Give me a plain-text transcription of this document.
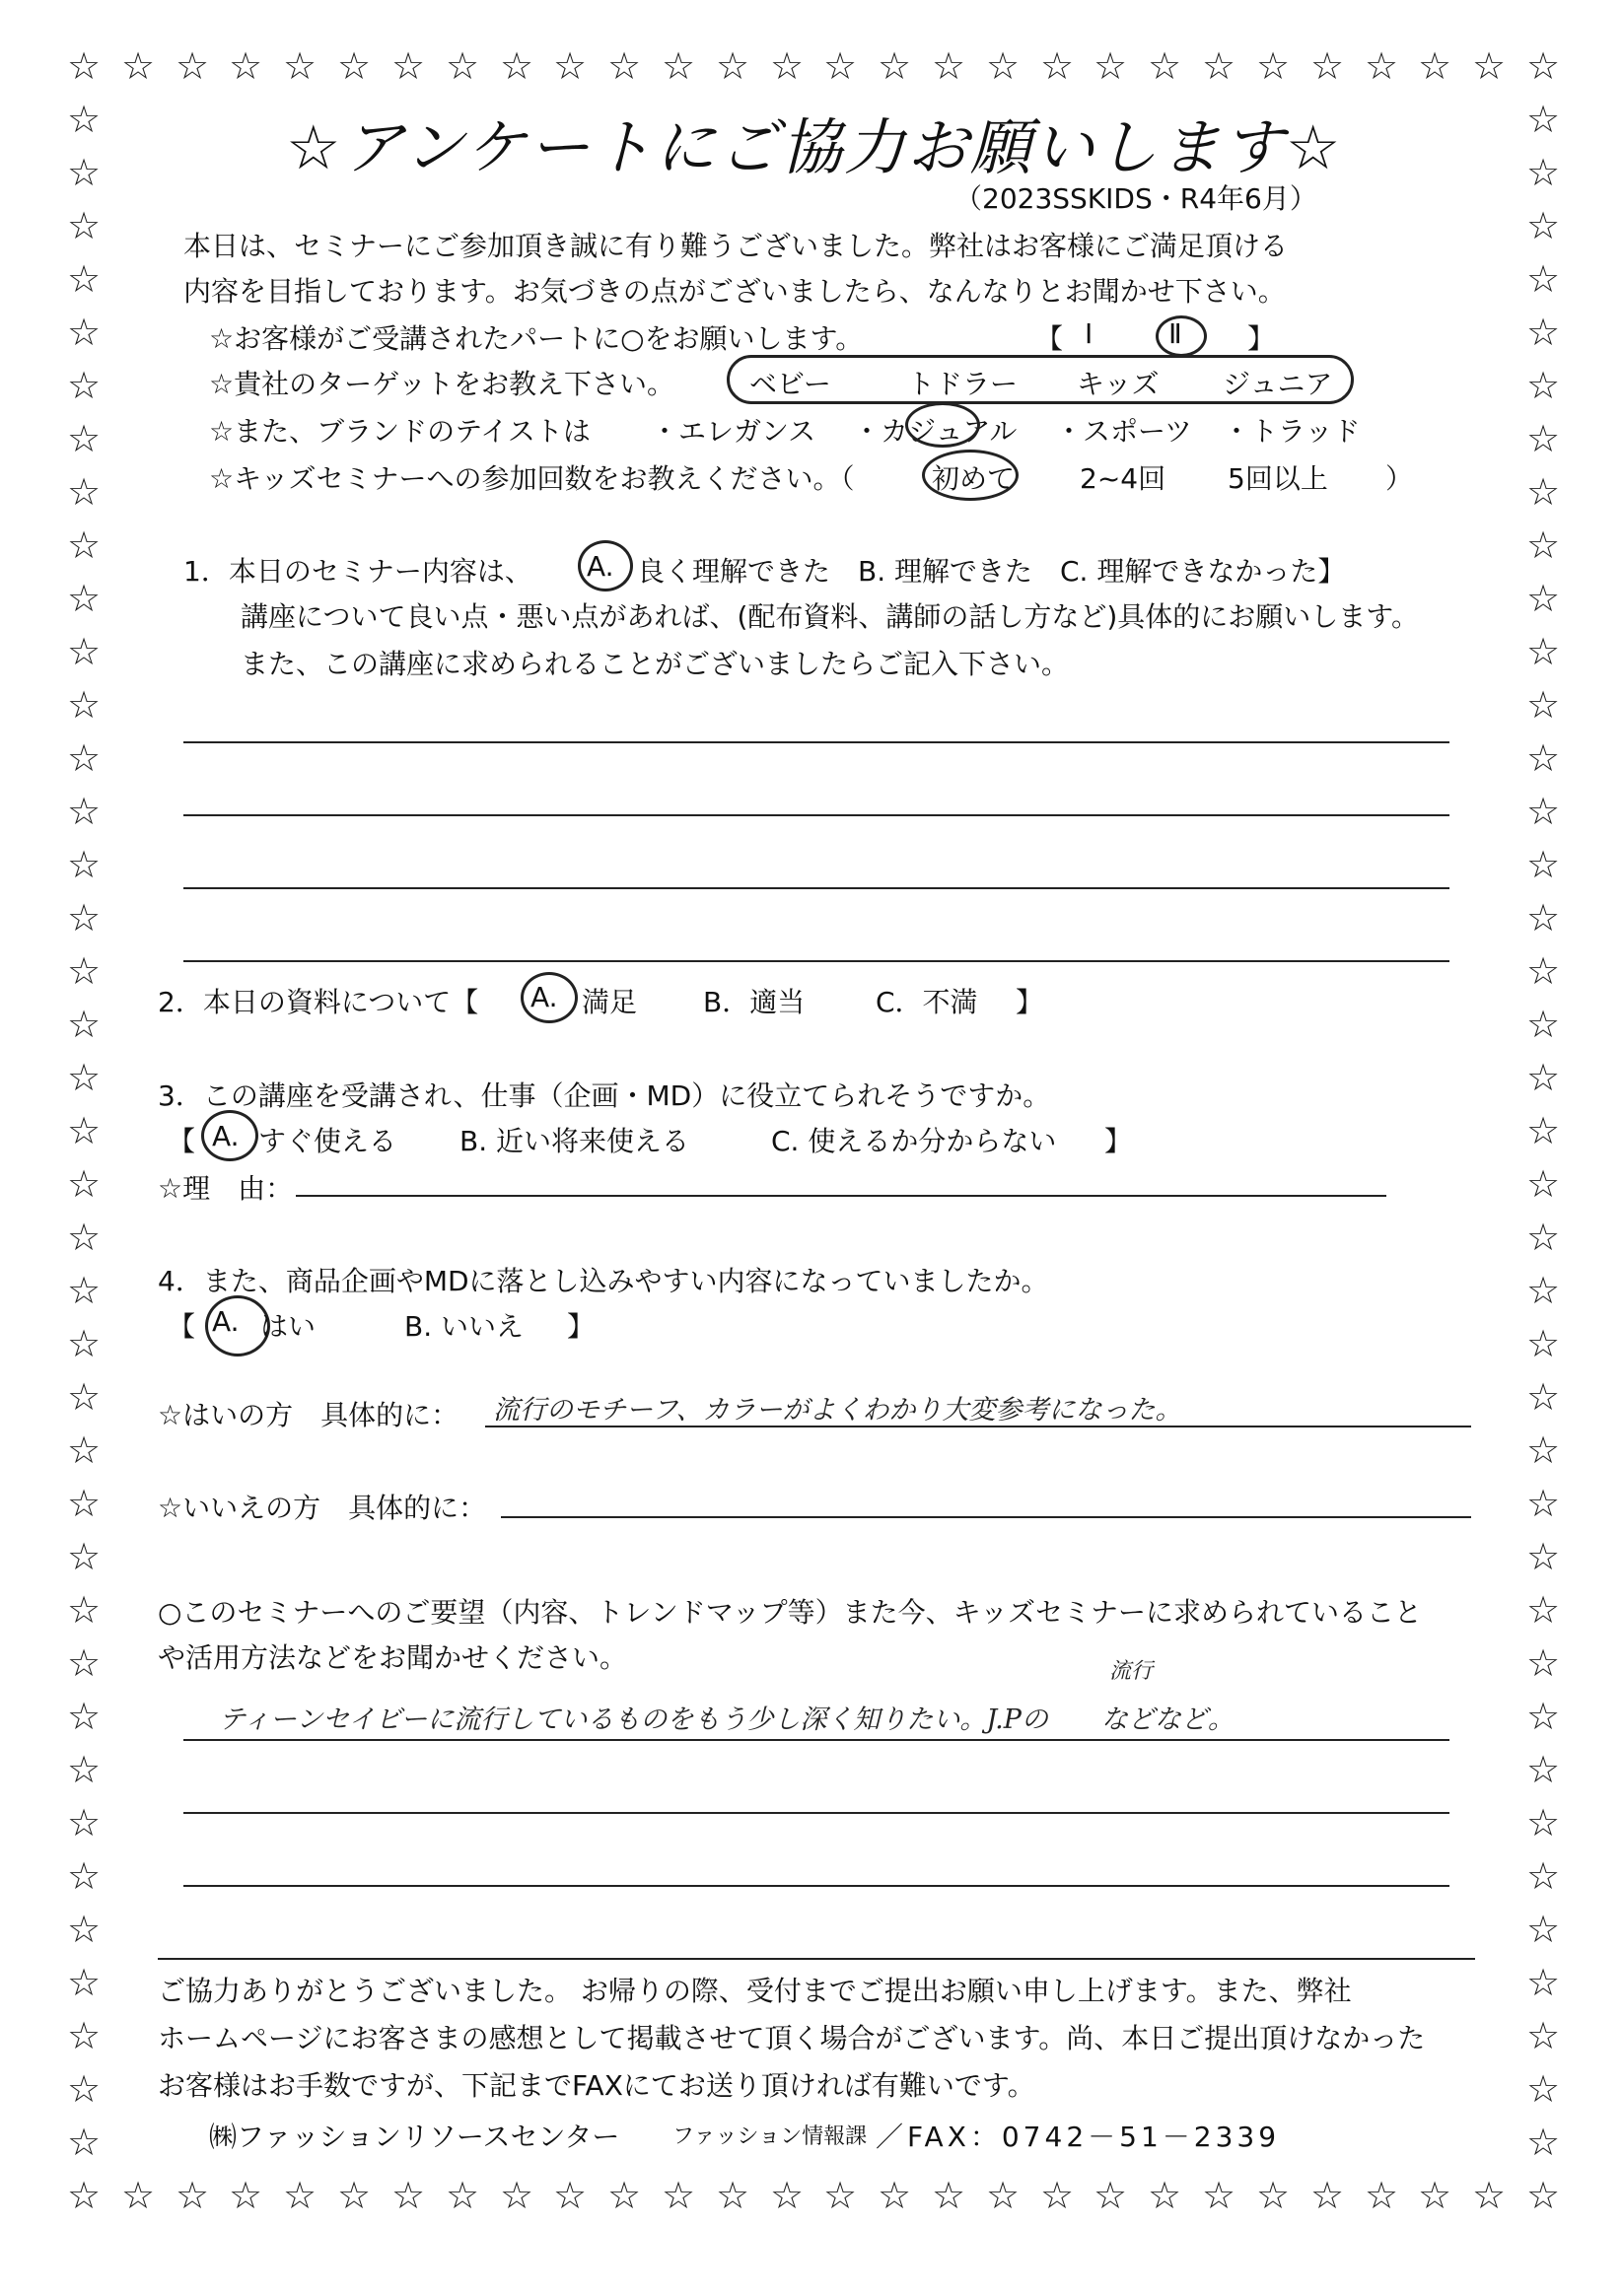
☆
☆
☆
☆
☆
☆
☆
☆
☆
☆
☆
☆
☆
☆
☆
☆
☆
☆
☆
☆
☆
☆
☆
☆
☆
☆
☆
☆
☆
☆
☆
☆
☆
☆
☆
☆
☆
☆
☆
☆
☆
☆
☆
☆
☆
☆
☆
☆
☆
☆
☆
☆
☆
☆
☆
☆
☆	☆
☆	☆
☆	☆
☆	☆
☆	☆
☆	☆
☆	☆
☆	☆
☆	☆
☆	☆
☆	☆
☆	☆
☆	☆
☆	☆
☆	☆
☆	☆
☆	☆
☆	☆
☆	☆
☆	☆
☆	☆
☆	☆
☆	☆
☆	☆
☆	☆
☆	☆
☆	☆
☆	☆
☆	☆
☆	☆
☆	☆
☆	☆
☆	☆
☆	☆
☆	☆
☆	☆
☆	☆
☆	☆
☆	☆
☆アンケートにご協力お願いします☆
（2023SSKIDS・R4年6月）
本日は、セミナーにご参加頂き誠に有り難うございました。弊社はお客様にご満足頂ける
内容を目指しております。お気づきの点がございましたら、なんなりとお聞かせ下さい。
☆お客様がご受講されたパートに○をお願いします。	【 Ⅰ	Ⅱ 】
☆貴社のターゲットをお教え下さい。	ベビー	トドラー キッズ ジュニア
☆また、ブランドのテイストは ・エレガンス ・カジュアル ・スポーツ ・トラッド
☆キッズセミナーへの参加回数をお教えください。（	初めて 2~4回 5回以上 ）
1．本日のセミナー内容は、 A. 良く理解できた　B. 理解できた　C. 理解できなかった】
講座について良い点・悪い点があれば、(配布資料、講師の話し方など)具体的にお願いします。
また、この講座に求められることがございましたらご記入下さい。
2．本日の資料について【 A. 満足 B．適当	C．不満 】
3．この講座を受講され、仕事（企画・MD）に役立てられそうですか。
【 A. すぐ使える B. 近い将来使える	C. 使えるか分からない 】
☆理　由：
4．また、商品企画やMDに落とし込みやすい内容になっていましたか。
【 A. はい	B. いいえ 】
☆はいの方　具体的に： 流行のモチーフ、カラーがよくわかり大変参考になった。
☆いいえの方　具体的に：
○このセミナーへのご要望（内容、トレンドマップ等）また今、キッズセミナーに求められていること
や活用方法などをお聞かせください。	流行
ティーンセイビーに流行しているものをもう少し深く知りたい。J.Pの　　などなど。
ご協力ありがとうございました。 お帰りの際、受付までご提出お願い申し上げます。また、弊社
ホームページにお客さまの感想として掲載させて頂く場合がございます。尚、本日ご提出頂けなかった
お客様はお手数ですが、下記までFAXにてお送り頂ければ有難いです。
㈱ファッションリソースセンター ファッション情報課 ／FAX：0742－51－2339
